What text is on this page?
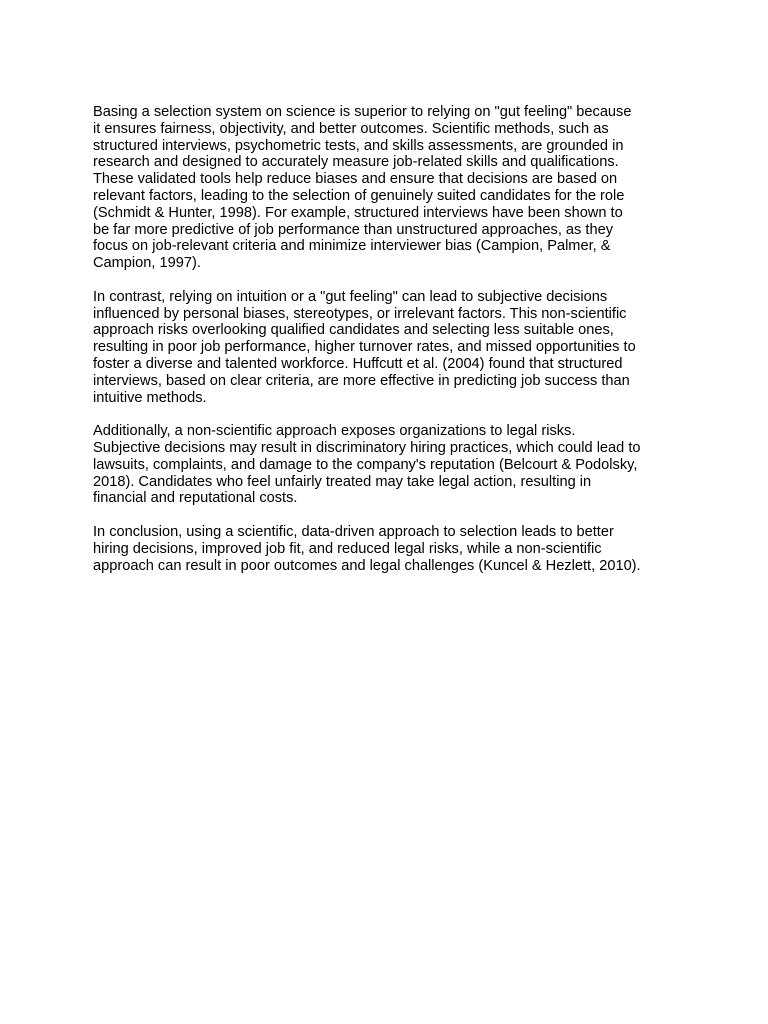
Basing a selection system on science is superior to relying on "gut feeling" because
it ensures fairness, objectivity, and better outcomes. Scientific methods, such as
structured interviews, psychometric tests, and skills assessments, are grounded in
research and designed to accurately measure job-related skills and qualifications.
These validated tools help reduce biases and ensure that decisions are based on
relevant factors, leading to the selection of genuinely suited candidates for the role
(Schmidt & Hunter, 1998). For example, structured interviews have been shown to
be far more predictive of job performance than unstructured approaches, as they
focus on job-relevant criteria and minimize interviewer bias (Campion, Palmer, &
Campion, 1997).

In contrast, relying on intuition or a "gut feeling" can lead to subjective decisions
influenced by personal biases, stereotypes, or irrelevant factors. This non-scientific
approach risks overlooking qualified candidates and selecting less suitable ones,
resulting in poor job performance, higher turnover rates, and missed opportunities to
foster a diverse and talented workforce. Huffcutt et al. (2004) found that structured
interviews, based on clear criteria, are more effective in predicting job success than
intuitive methods.

Additionally, a non-scientific approach exposes organizations to legal risks.
Subjective decisions may result in discriminatory hiring practices, which could lead to
lawsuits, complaints, and damage to the company's reputation (Belcourt & Podolsky,
2018). Candidates who feel unfairly treated may take legal action, resulting in
financial and reputational costs.

In conclusion, using a scientific, data-driven approach to selection leads to better
hiring decisions, improved job fit, and reduced legal risks, while a non-scientific
approach can result in poor outcomes and legal challenges (Kuncel & Hezlett, 2010).
